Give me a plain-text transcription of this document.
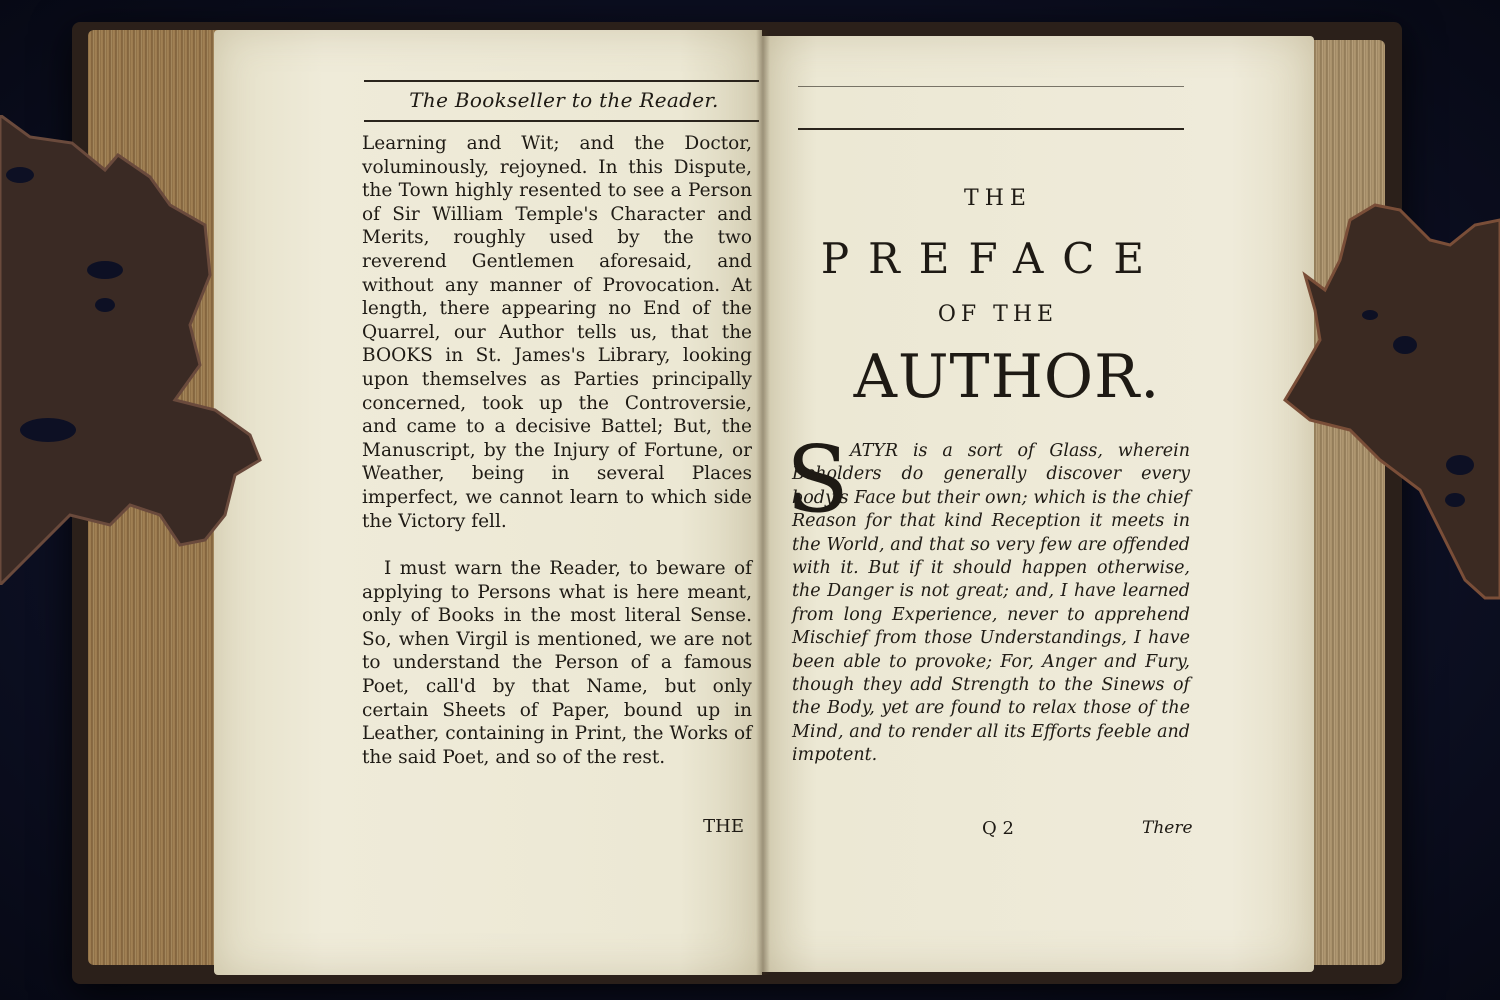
The Bookseller to the Reader.

Learning and Wit; and the Doctor, voluminously, rejoyned. In this Dispute, the Town highly resented to see a Person of Sir William Temple's Character and Merits, roughly used by the two reverend Gentlemen aforesaid, and without any manner of Provocation. At length, there appearing no End of the Quarrel, our Author tells us, that the BOOKS in St. James's Library, looking upon themselves as Parties principally concerned, took up the Controversie, and came to a decisive Battel; But, the Manuscript, by the Injury of Fortune, or Weather, being in several Places imperfect, we cannot learn to which side the Victory fell.

I must warn the Reader, to beware of applying to Persons what is here meant, only of Books in the most literal Sense. So, when Virgil is mentioned, we are not to understand the Person of a famous Poet, call'd by that Name, but only certain Sheets of Paper, bound up in Leather, containing in Print, the Works of the said Poet, and so of the rest.

THE
THE
PREFACE
OF THE
AUTHOR.
S ATYR is a sort of Glass, wherein Beholders do generally discover every body's Face but their own; which is the chief Reason for that kind Reception it meets in the World, and that so very few are offended with it. But if it should happen otherwise, the Danger is not great; and, I have learned from long Experience, never to apprehend Mischief from those Understandings, I have been able to provoke; For, Anger and Fury, though they add Strength to the Sinews of the Body, yet are found to relax those of the Mind, and to render all its Efforts feeble and impotent.
Q 2	There
